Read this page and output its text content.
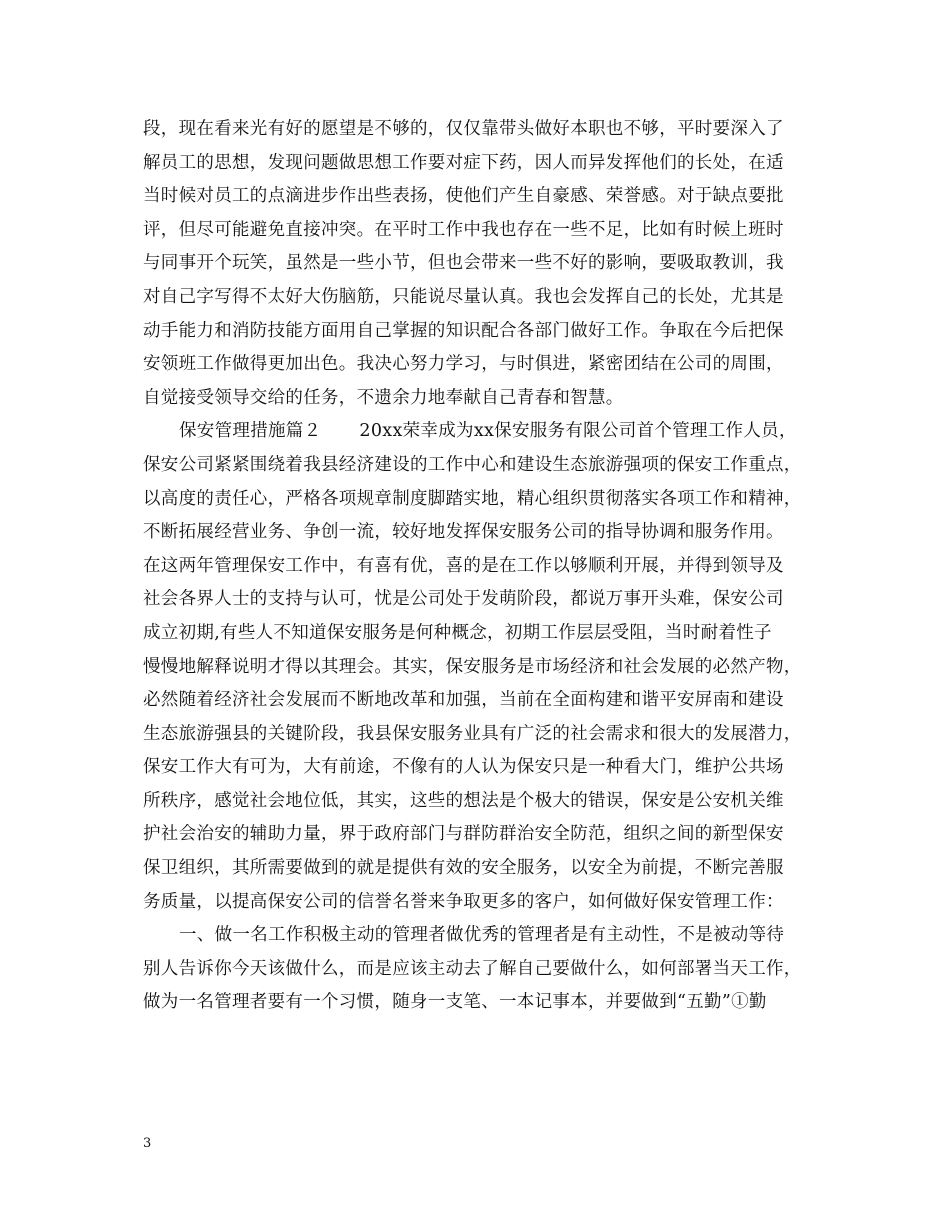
段，现在看来光有好的愿望是不够的，仅仅靠带头做好本职也不够，平时要深入了
解员工的思想，发现问题做思想工作要对症下药，因人而异发挥他们的长处，在适
当时候对员工的点滴进步作出些表扬，使他们产生自豪感、荣誉感。对于缺点要批
评，但尽可能避免直接冲突。在平时工作中我也存在一些不足，比如有时候上班时
与同事开个玩笑，虽然是一些小节，但也会带来一些不好的影响，要吸取教训，我
对自己字写得不太好大伤脑筋，只能说尽量认真。我也会发挥自己的长处，尤其是
动手能力和消防技能方面用自己掌握的知识配合各部门做好工作。争取在今后把保
安领班工作做得更加出色。我决心努力学习，与时俱进，紧密团结在公司的周围，
自觉接受领导交给的任务，不遗余力地奉献自己青春和智慧。
保安管理措施篇２ 20xx荣幸成为xx保安服务有限公司首个管理工作人员，
保安公司紧紧围绕着我县经济建设的工作中心和建设生态旅游强项的保安工作重点，
以高度的责任心，严格各项规章制度脚踏实地，精心组织贯彻落实各项工作和精神，
不断拓展经营业务、争创一流，较好地发挥保安服务公司的指导协调和服务作用。
在这两年管理保安工作中，有喜有优，喜的是在工作以够顺利开展，并得到领导及
社会各界人士的支持与认可，忧是公司处于发萌阶段，都说万事开头难，保安公司
成立初期,有些人不知道保安服务是何种概念，初期工作层层受阻，当时耐着性子
慢慢地解释说明才得以其理会。其实，保安服务是市场经济和社会发展的必然产物，
必然随着经济社会发展而不断地改革和加强，当前在全面构建和谐平安屏南和建设
生态旅游强县的关键阶段，我县保安服务业具有广泛的社会需求和很大的发展潜力，
保安工作大有可为，大有前途，不像有的人认为保安只是一种看大门，维护公共场
所秩序，感觉社会地位低，其实，这些的想法是个极大的错误，保安是公安机关维
护社会治安的辅助力量，界于政府部门与群防群治安全防范，组织之间的新型保安
保卫组织，其所需要做到的就是提供有效的安全服务，以安全为前提，不断完善服
务质量，以提高保安公司的信誉名誉来争取更多的客户，如何做好保安管理工作：
一、做一名工作积极主动的管理者做优秀的管理者是有主动性，不是被动等待
别人告诉你今天该做什么，而是应该主动去了解自己要做什么，如何部署当天工作，
做为一名管理者要有一个习惯，随身一支笔、一本记事本，并要做到“五勤”①勤
3
